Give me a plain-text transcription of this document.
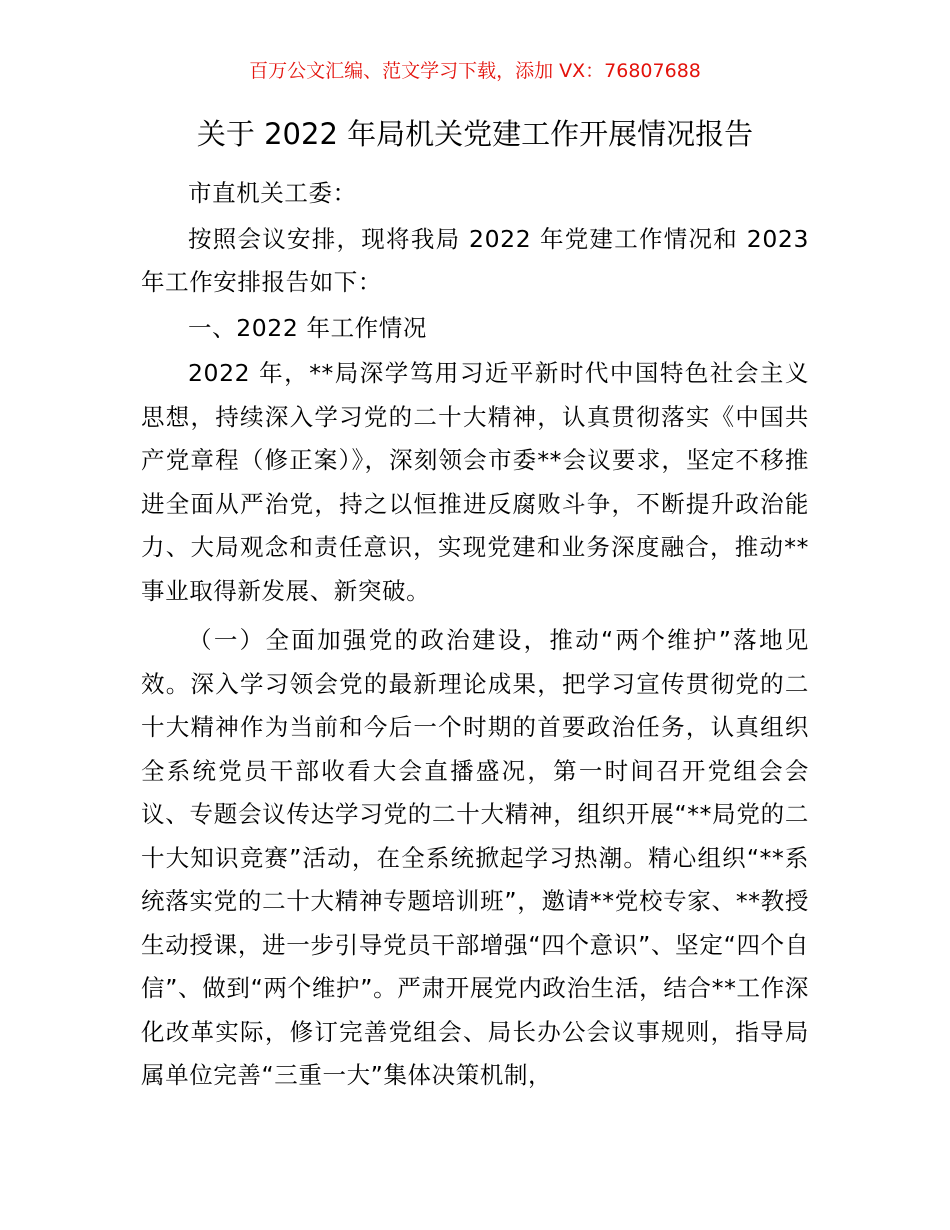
百万公文汇编、范文学习下载，添加 VX：76807688
关于 2022 年局机关党建工作开展情况报告

市直机关工委：

按照会议安排，现将我局 2022 年党建工作情况和 2023 年工作安排报告如下：

一、2022 年工作情况

2022 年，**局深学笃用习近平新时代中国特色社会主义思想，持续深入学习党的二十大精神，认真贯彻落实《中国共产党章程（修正案）》，深刻领会市委**会议要求，坚定不移推进全面从严治党，持之以恒推进反腐败斗争，不断提升政治能力、大局观念和责任意识，实现党建和业务深度融合，推动**事业取得新发展、新突破。

（一）全面加强党的政治建设，推动“两个维护”落地见效。深入学习领会党的最新理论成果，把学习宣传贯彻党的二十大精神作为当前和今后一个时期的首要政治任务，认真组织全系统党员干部收看大会直播盛况，第一时间召开党组会会议、专题会议传达学习党的二十大精神，组织开展“**局党的二十大知识竞赛”活动，在全系统掀起学习热潮。精心组织“**系统落实党的二十大精神专题培训班”，邀请**党校专家、**教授生动授课，进一步引导党员干部增强“四个意识”、坚定“四个自信”、做到“两个维护”。严肃开展党内政治生活，结合**工作深化改革实际，修订完善党组会、局长办公会议事规则，指导局属单位完善“三重一大”集体决策机制，
